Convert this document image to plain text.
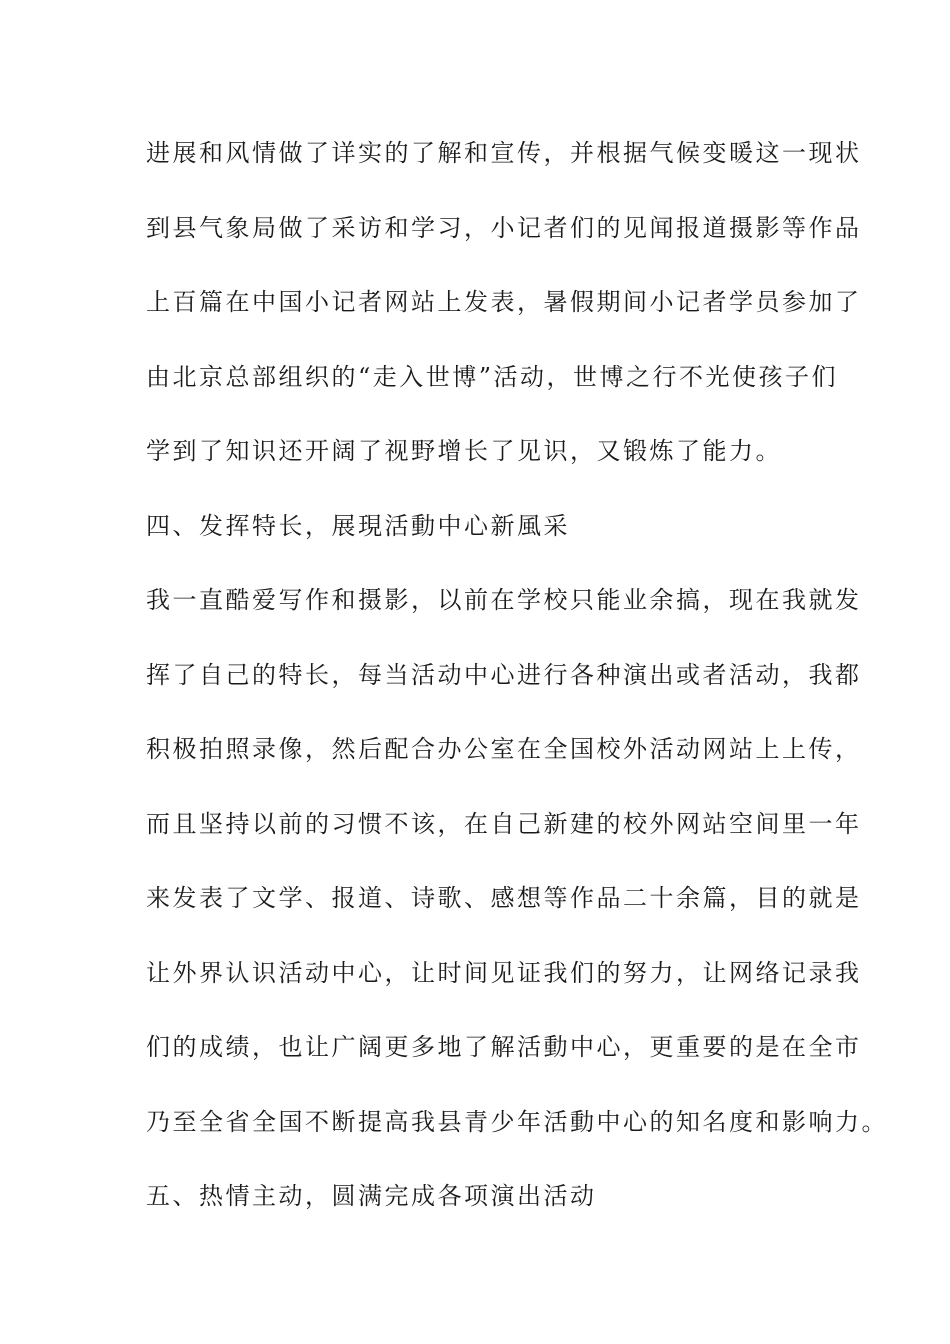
进展和风情做了详实的了解和宣传，并根据气候变暖这一现状
到县气象局做了采访和学习，小记者们的见闻报道摄影等作品
上百篇在中国小记者网站上发表，暑假期间小记者学员参加了
由北京总部组织的“走入世博”活动，世博之行不光使孩子们
学到了知识还开阔了视野增长了见识，又锻炼了能力。
四、发挥特长，展現活動中心新風采
我一直酷爱写作和摄影，以前在学校只能业余搞，现在我就发
挥了自己的特长，每当活动中心进行各种演出或者活动，我都
积极拍照录像，然后配合办公室在全国校外活动网站上上传，
而且坚持以前的习惯不该，在自己新建的校外网站空间里一年
来发表了文学、报道、诗歌、感想等作品二十余篇，目的就是
让外界认识活动中心，让时间见证我们的努力，让网络记录我
们的成绩，也让广阔更多地了解活動中心，更重要的是在全市
乃至全省全国不断提高我县青少年活動中心的知名度和影响力。
五、热情主动，圆满完成各项演出活动
